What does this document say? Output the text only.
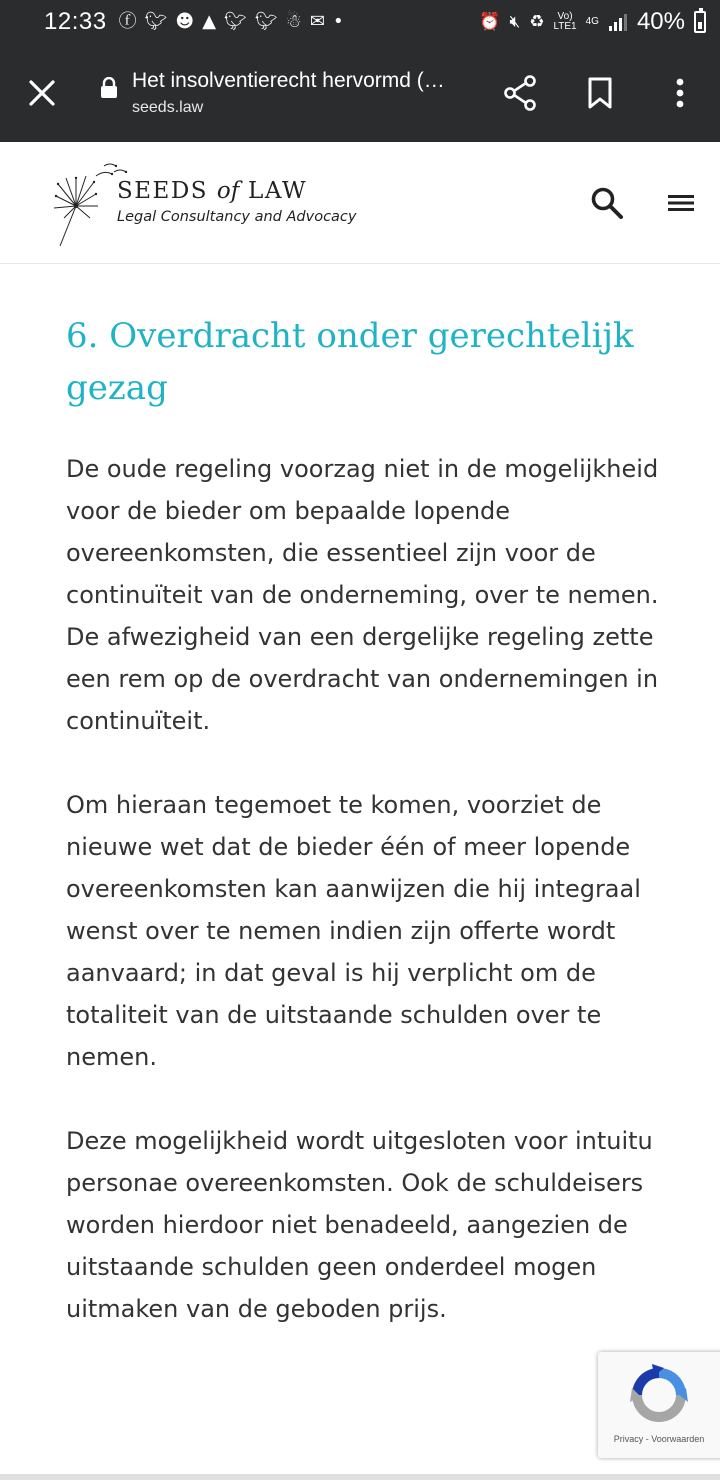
12:33 ⓕ 🐦︎ ☻ ▲ 🐦︎ 🐦︎ ☃ ✉ •	⏰ 🔇︎ ♻	Vo)
LTE1 4G 40%
Het insolventierecht hervormd (…
seeds.law
SEEDS of LAW
Legal Consultancy and Advocacy
6. Overdracht onder gerechtelijk gezag

De oude regeling voorzag niet in de mogelijkheid voor de bieder om bepaalde lopende overeenkomsten, die essentieel zijn voor de continuïteit van de onderneming, over te nemen. De afwezigheid van een dergelijke regeling zette een rem op de overdracht van ondernemingen in continuïteit.

Om hieraan tegemoet te komen, voorziet de nieuwe wet dat de bieder één of meer lopende overeenkomsten kan aanwijzen die hij integraal wenst over te nemen indien zijn offerte wordt aanvaard; in dat geval is hij verplicht om de totaliteit van de uitstaande schulden over te nemen.

Deze mogelijkheid wordt uitgesloten voor intuitu personae overeenkomsten. Ook de schuldeisers worden hierdoor niet benadeeld, aangezien de uitstaande schulden geen onderdeel mogen uitmaken van de geboden prijs.

Privacy - Voorwaarden
